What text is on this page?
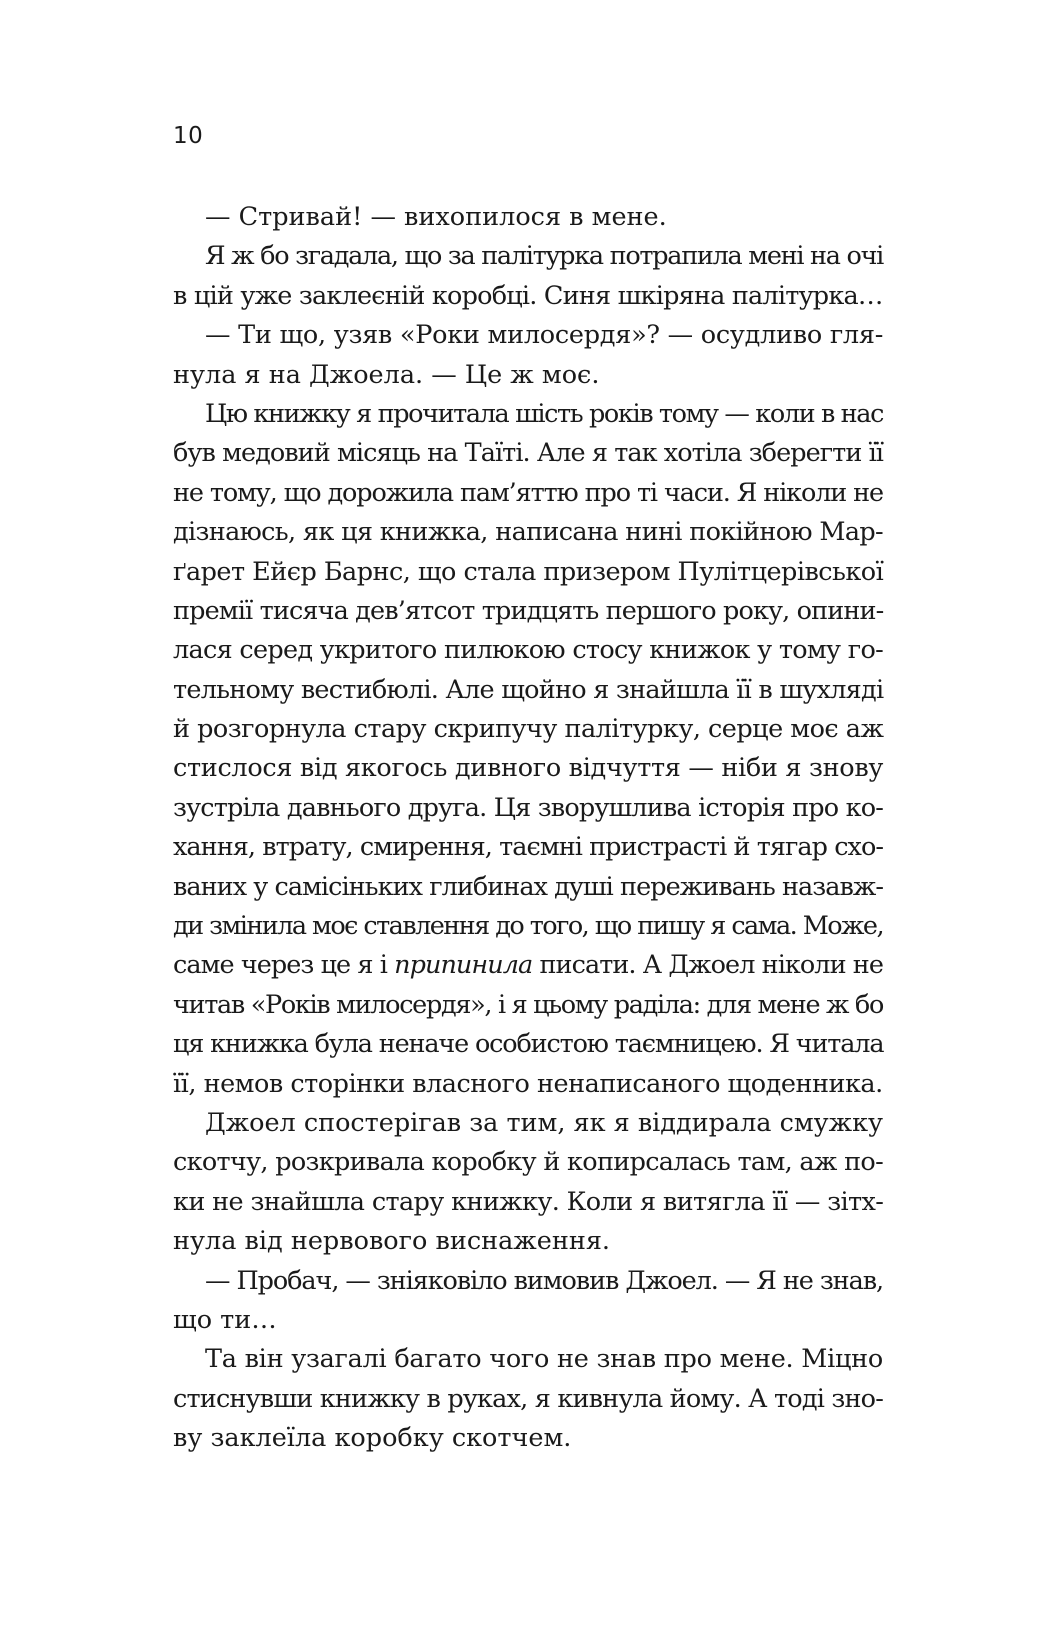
10
— Стривай! — вихопилося в мене.
Я ж бо згадала, що за палітурка потрапила мені на очі
в цій уже заклеєній коробці. Синя шкіряна палітурка…
— Ти що, узяв «Роки милосердя»? — осудливо гля-
нула я на Джоела. — Це ж моє.
Цю книжку я прочитала шість років тому — коли в нас
був медовий місяць на Таїті. Але я так хотіла зберегти її
не тому, що дорожила пам’яттю про ті часи. Я ніколи не
дізнаюсь, як ця книжка, написана нині покійною Мар-
ґарет Ейєр Барнс, що стала призером Пулітцерівської
премії тисяча дев’ятсот тридцять першого року, опини-
лася серед укритого пилюкою стосу книжок у тому го-
тельному вестибюлі. Але щойно я знайшла її в шухляді
й розгорнула стару скрипучу палітурку, серце моє аж
стислося від якогось дивного відчуття — ніби я знову
зустріла давнього друга. Ця зворушлива історія про ко-
хання, втрату, смирення, таємні пристрасті й тягар схо-
ваних у самісіньких глибинах душі переживань назавж-
ди змінила моє ставлення до того, що пишу я сама. Може,
саме через це я і припинила писати. А Джоел ніколи не
читав «Років милосердя», і я цьому раділа: для мене ж бо
ця книжка була неначе особистою таємницею. Я читала
її, немов сторінки власного ненаписаного щоденника.
Джоел спостерігав за тим, як я віддирала смужку
скотчу, розкривала коробку й копирсалась там, аж по-
ки не знайшла стару книжку. Коли я витягла її — зітх-
нула від нервового виснаження.
— Пробач, — зніяковіло вимовив Джоел. — Я не знав,
що ти…
Та він узагалі багато чого не знав про мене. Міцно
стиснувши книжку в руках, я кивнула йому. А тоді зно-
ву заклеїла коробку скотчем.
